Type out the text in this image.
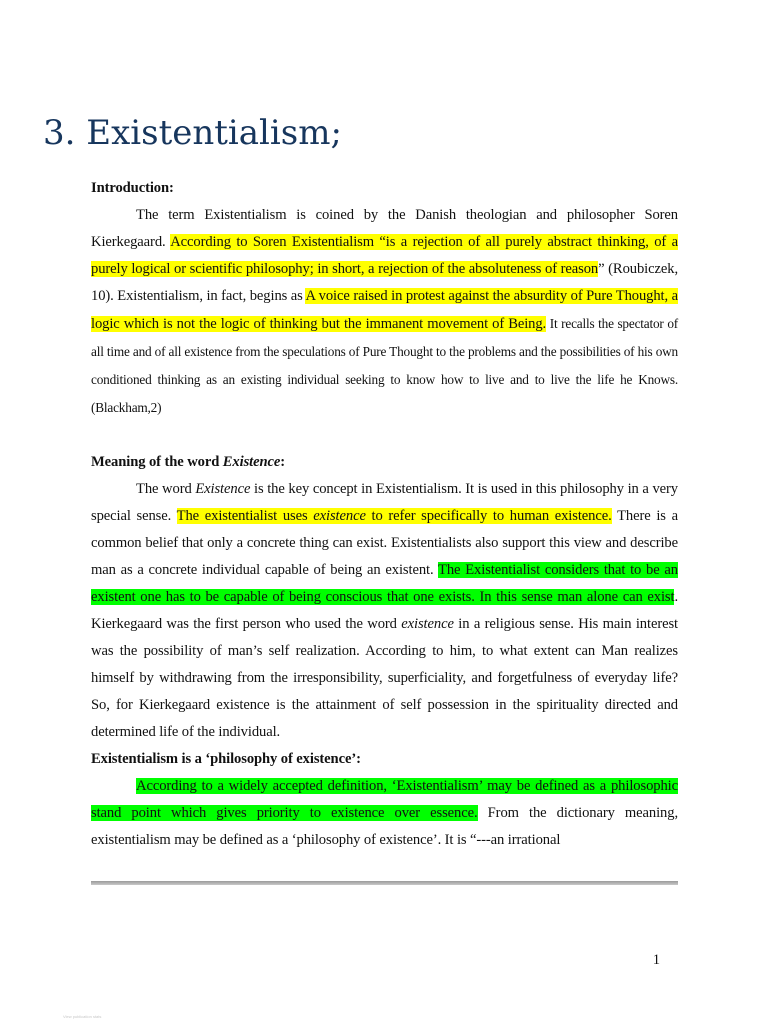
3. Existentialism;
Introduction:

The term Existentialism is coined by the Danish theologian and philosopher Soren Kierkegaard. According to Soren Existentialism “is a rejection of all purely abstract thinking, of a purely logical or scientific philosophy; in short, a rejection of the absoluteness of reason” (Roubiczek, 10). Existentialism, in fact, begins as A voice raised in protest against the absurdity of Pure Thought, a logic which is not the logic of thinking but the immanent movement of Being. It recalls the spectator of all time and of all existence from the speculations of Pure Thought to the problems and the possibilities of his own conditioned thinking as an existing individual seeking to know how to live and to live the life he Knows. (Blackham,2)

Meaning of the word Existence:

The word Existence is the key concept in Existentialism. It is used in this philosophy in a very special sense. The existentialist uses existence to refer specifically to human existence. There is a common belief that only a concrete thing can exist. Existentialists also support this view and describe man as a concrete individual capable of being an existent. The Existentialist considers that to be an existent one has to be capable of being conscious that one exists. In this sense man alone can exist. Kierkegaard was the first person who used the word existence in a religious sense. His main interest was the possibility of man’s self realization. According to him, to what extent can Man realizes himself by withdrawing from the irresponsibility, superficiality, and forgetfulness of everyday life? So, for Kierkegaard existence is the attainment of self possession in the spirituality directed and determined life of the individual.

Existentialism is a ‘philosophy of existence’:

According to a widely accepted definition, ‘Existentialism’ may be defined as a philosophic stand point which gives priority to existence over essence. From the dictionary meaning, existentialism may be defined as a ‘philosophy of existence’. It is “---an irrational

1
View publication stats
